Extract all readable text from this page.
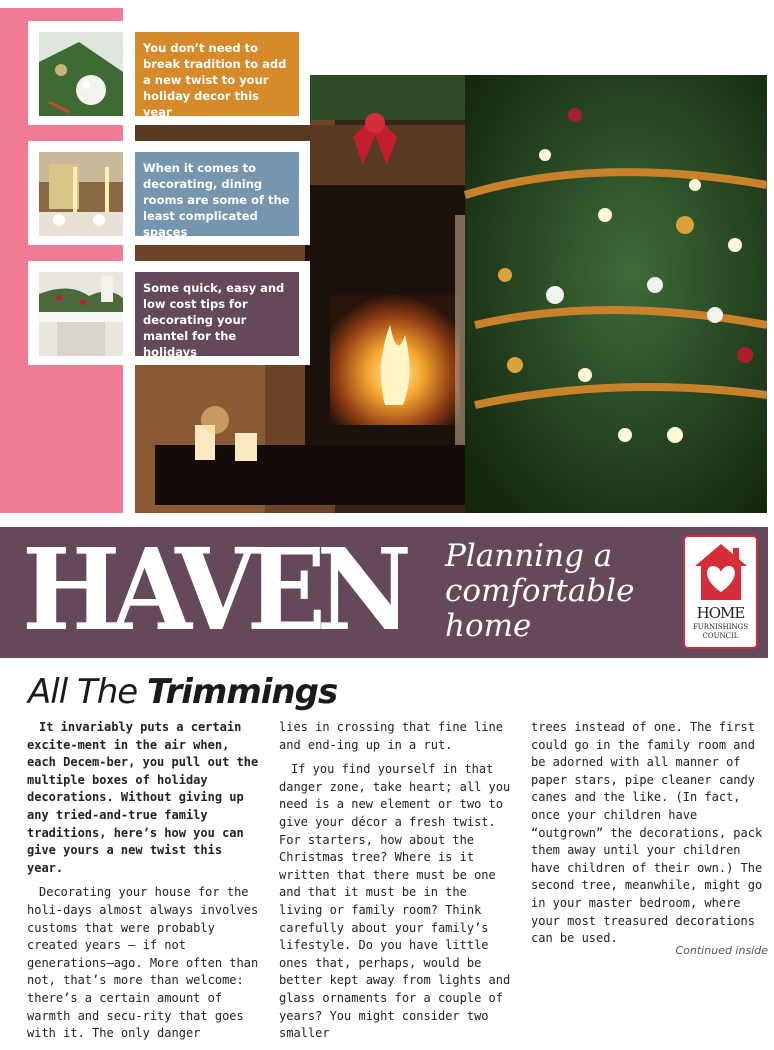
You don’t need to break tradition to add a new twist to your holiday decor this year
When it comes to decorating, dining rooms are some of the least complicated spaces
Some quick, easy and low cost tips for decorating your mantel for the holidays
HAVEN Planning a
comfortable
home	HOME
FURNISHINGS
COUNCIL
All The Trimmings

It invariably puts a certain excite-ment in the air when, each Decem-ber, you pull out the multiple boxes of holiday decorations. Without giving up any tried-and-true family traditions, here’s how you can give yours a new twist this year.

Decorating your house for the holi-days almost always involves customs that were probably created years — if not generations—ago. More often than not, that’s more than welcome: there’s a certain amount of warmth and secu-rity that goes with it. The only danger

lies in crossing that fine line and end-ing up in a rut.

If you find yourself in that danger zone, take heart; all you need is a new element or two to give your décor a fresh twist. For starters, how about the Christmas tree? Where is it written that there must be one and that it must be in the living or family room? Think carefully about your family’s lifestyle. Do you have little ones that, perhaps, would be better kept away from lights and glass ornaments for a couple of years? You might consider two smaller

trees instead of one. The first could go in the family room and be adorned with all manner of paper stars, pipe cleaner candy canes and the like. (In fact, once your children have “outgrown” the decorations, pack them away until your children have children of their own.) The second tree, meanwhile, might go in your master bedroom, where your most treasured decorations can be used.

Continued inside
